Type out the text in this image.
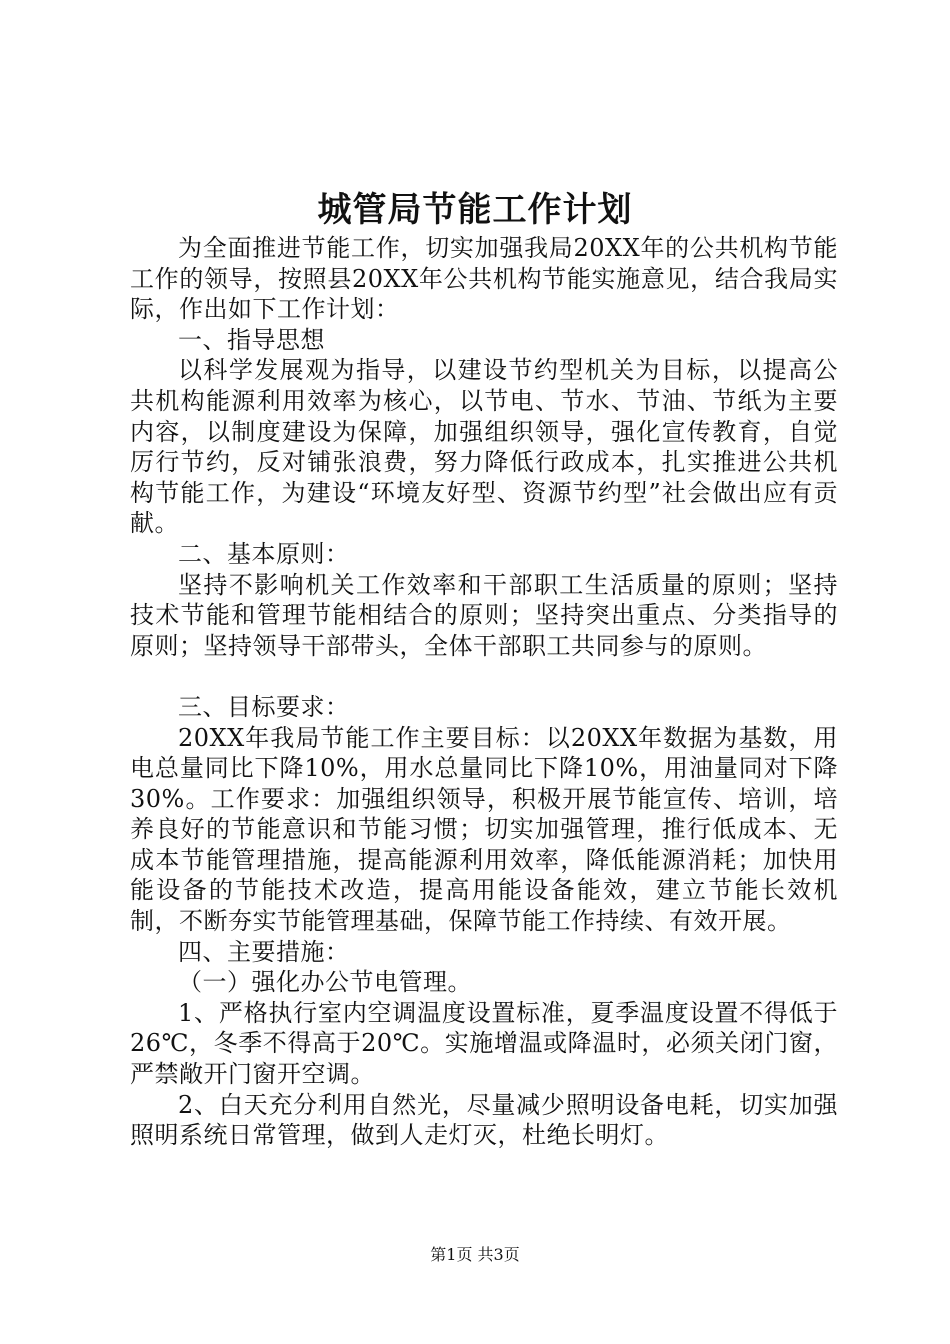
城管局节能工作计划

为全面推进节能工作，切实加强我局20XX年的公共机构节能工作的领导，按照县20XX年公共机构节能实施意见，结合我局实际，作出如下工作计划：

一、指导思想

以科学发展观为指导，以建设节约型机关为目标，以提高公共机构能源利用效率为核心，以节电、节水、节油、节纸为主要内容，以制度建设为保障，加强组织领导，强化宣传教育，自觉厉行节约，反对铺张浪费，努力降低行政成本，扎实推进公共机构节能工作，为建设“环境友好型、资源节约型”社会做出应有贡献。

二、基本原则：

坚持不影响机关工作效率和干部职工生活质量的原则；坚持技术节能和管理节能相结合的原则；坚持突出重点、分类指导的原则；坚持领导干部带头，全体干部职工共同参与的原则。

三、目标要求：

20XX年我局节能工作主要目标：以20XX年数据为基数，用电总量同比下降10%，用水总量同比下降10%，用油量同对下降30%。工作要求：加强组织领导，积极开展节能宣传、培训，培养良好的节能意识和节能习惯；切实加强管理，推行低成本、无成本节能管理措施，提高能源利用效率，降低能源消耗；加快用能设备的节能技术改造，提高用能设备能效，建立节能长效机制，不断夯实节能管理基础，保障节能工作持续、有效开展。

四、主要措施：

（一）强化办公节电管理。

1、严格执行室内空调温度设置标准，夏季温度设置不得低于26℃，冬季不得高于20℃。实施增温或降温时，必须关闭门窗，严禁敞开门窗开空调。

2、白天充分利用自然光，尽量减少照明设备电耗，切实加强照明系统日常管理，做到人走灯灭，杜绝长明灯。

第1页 共3页
